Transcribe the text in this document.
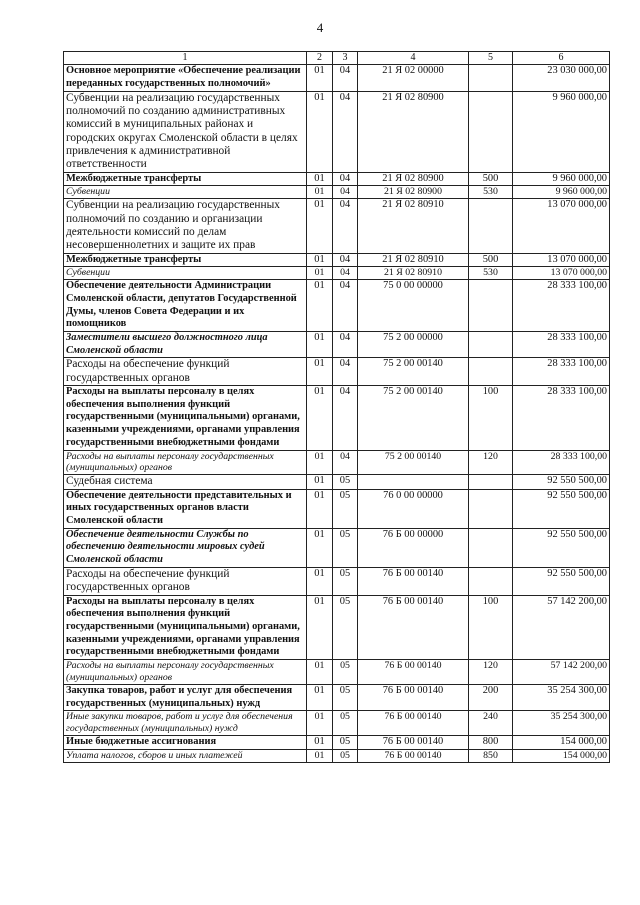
4
1	2	3	4	5	6
Основное мероприятие «Обеспечение реализации переданных государственных полномочий»	01	04	21 Я 02 00000		23 030 000,00
Субвенции на реализацию государственных полномочий по созданию административных комиссий в муниципальных районах и городских округах Смоленской области в целях привлечения к административной ответственности	01	04	21 Я 02 80900		9 960 000,00
Межбюджетные трансферты	01	04	21 Я 02 80900	500	9 960 000,00
Субвенции	01	04	21 Я 02 80900	530	9 960 000,00
Субвенции на реализацию государственных полномочий по созданию и организации деятельности комиссий по делам несовершеннолетних и защите их прав	01	04	21 Я 02 80910		13 070 000,00
Межбюджетные трансферты	01	04	21 Я 02 80910	500	13 070 000,00
Субвенции	01	04	21 Я 02 80910	530	13 070 000,00
Обеспечение деятельности Администрации Смоленской области, депутатов Государственной Думы, членов Совета Федерации и их помощников	01	04	75 0 00 00000		28 333 100,00
Заместители высшего должностного лица Смоленской области	01	04	75 2 00 00000		28 333 100,00
Расходы на обеспечение функций государственных органов	01	04	75 2 00 00140		28 333 100,00
Расходы на выплаты персоналу в целях обеспечения выполнения функций государственными (муниципальными) органами, казенными учреждениями, органами управления государственными внебюджетными фондами	01	04	75 2 00 00140	100	28 333 100,00
Расходы на выплаты персоналу государственных (муниципальных) органов	01	04	75 2 00 00140	120	28 333 100,00
Судебная система	01	05			92 550 500,00
Обеспечение деятельности представительных и иных государственных органов власти Смоленской области	01	05	76 0 00 00000		92 550 500,00
Обеспечение деятельности Службы по обеспечению деятельности мировых судей Смоленской области	01	05	76 Б 00 00000		92 550 500,00
Расходы на обеспечение функций государственных органов	01	05	76 Б 00 00140		92 550 500,00
Расходы на выплаты персоналу в целях обеспечения выполнения функций государственными (муниципальными) органами, казенными учреждениями, органами управления государственными внебюджетными фондами	01	05	76 Б 00 00140	100	57 142 200,00
Расходы на выплаты персоналу государственных (муниципальных) органов	01	05	76 Б 00 00140	120	57 142 200,00
Закупка товаров, работ и услуг для обеспечения государственных (муниципальных) нужд	01	05	76 Б 00 00140	200	35 254 300,00
Иные закупки товаров, работ и услуг для обеспечения государственных (муниципальных) нужд	01	05	76 Б 00 00140	240	35 254 300,00
Иные бюджетные ассигнования	01	05	76 Б 00 00140	800	154 000,00
Уплата налогов, сборов и иных платежей	01	05	76 Б 00 00140	850	154 000,00
